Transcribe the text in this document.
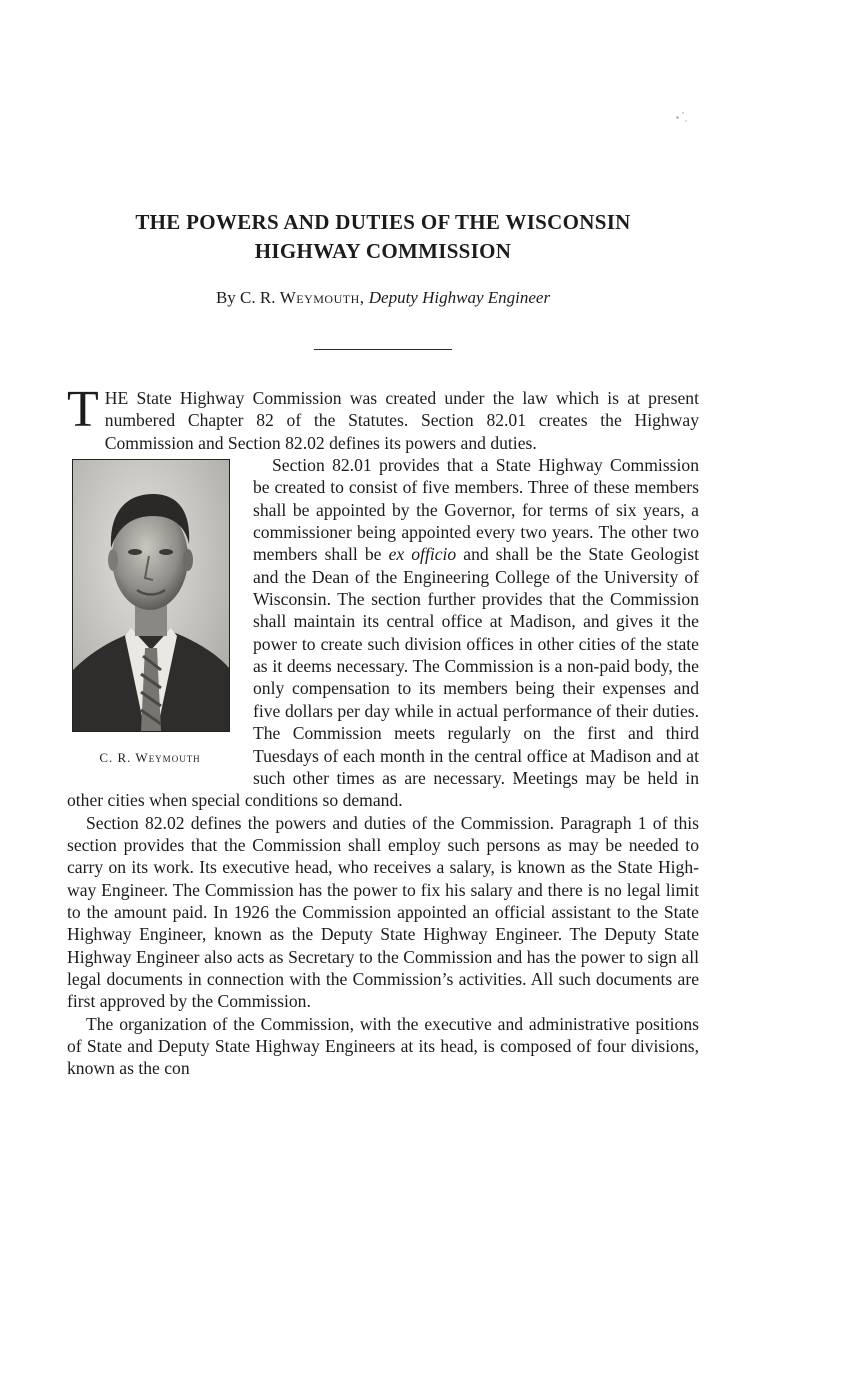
THE POWERS AND DUTIES OF THE WISCONSIN
HIGHWAY COMMISSION

By C. R. Weymouth, Deputy Highway Engineer

THE State Highway Commission was created under the law which is at present numbered Chapter 82 of the Statutes. Section 82.01 creates the Highway Commission and Section 82.02 defines its powers and duties.

C. R. Weymouth

Section 82.01 provides that a State Highway Commission be created to consist of five members. Three of these members shall be appointed by the Governor, for terms of six years, a commissioner being appointed every two years. The other two members shall be ex officio and shall be the State Geologist and the Dean of the Engineering College of the University of Wisconsin. The section further provides that the Commission shall maintain its central office at Madison, and gives it the power to create such division offices in other cities of the state as it deems necessary. The Commission is a non-paid body, the only compensation to its members being their expenses and five dollars per day while in actual performance of their duties. The Commission meets regularly on the first and third Tuesdays of each month in the central office at Madison and at such other times as are necessary. Meetings may be held in other cities when special conditions so demand.

Section 82.02 defines the powers and duties of the Commission. Paragraph 1 of this section provides that the Commission shall employ such persons as may be needed to carry on its work. Its executive head, who receives a salary, is known as the State Highway Engineer. The Commission has the power to fix his salary and there is no legal limit to the amount paid. In 1926 the Commission appointed an official assistant to the State Highway Engineer, known as the Deputy State Highway Engineer. The Deputy State Highway Engineer also acts as Secretary to the Commission and has the power to sign all legal documents in connection with the Commission’s activities. All such documents are first approved by the Commission.

The organization of the Commission, with the executive and administrative positions of State and Deputy State Highway Engineers at its head, is composed of four divisions, known as the con
